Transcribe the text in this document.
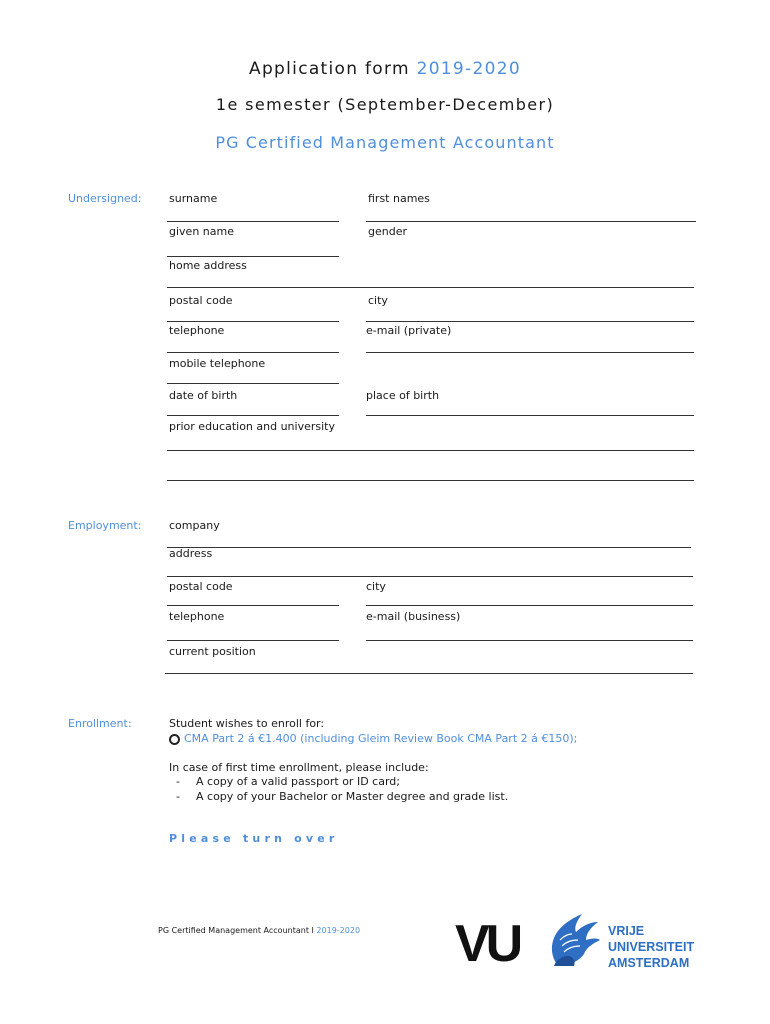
Application form 2019-2020
1e semester (September-December)
PG Certified Management Accountant
Undersigned:	surname	first names
given name	gender
home address
postal code	city
telephone	e-mail (private)
mobile telephone
date of birth	place of birth
prior education and university
Employment:	company
address
postal code	city
telephone	e-mail (business)
current position
Enrollment:	Student wishes to enroll for:
CMA Part 2 á €1.400 (including Gleim Review Book CMA Part 2 á €150);
In case of first time enrollment, please include:
- A copy of a valid passport or ID card;
- A copy of your Bachelor or Master degree and grade list.
Please turn over
PG Certified Management Accountant I 2019-2020 VU	VRIJE
UNIVERSITEIT
AMSTERDAM
